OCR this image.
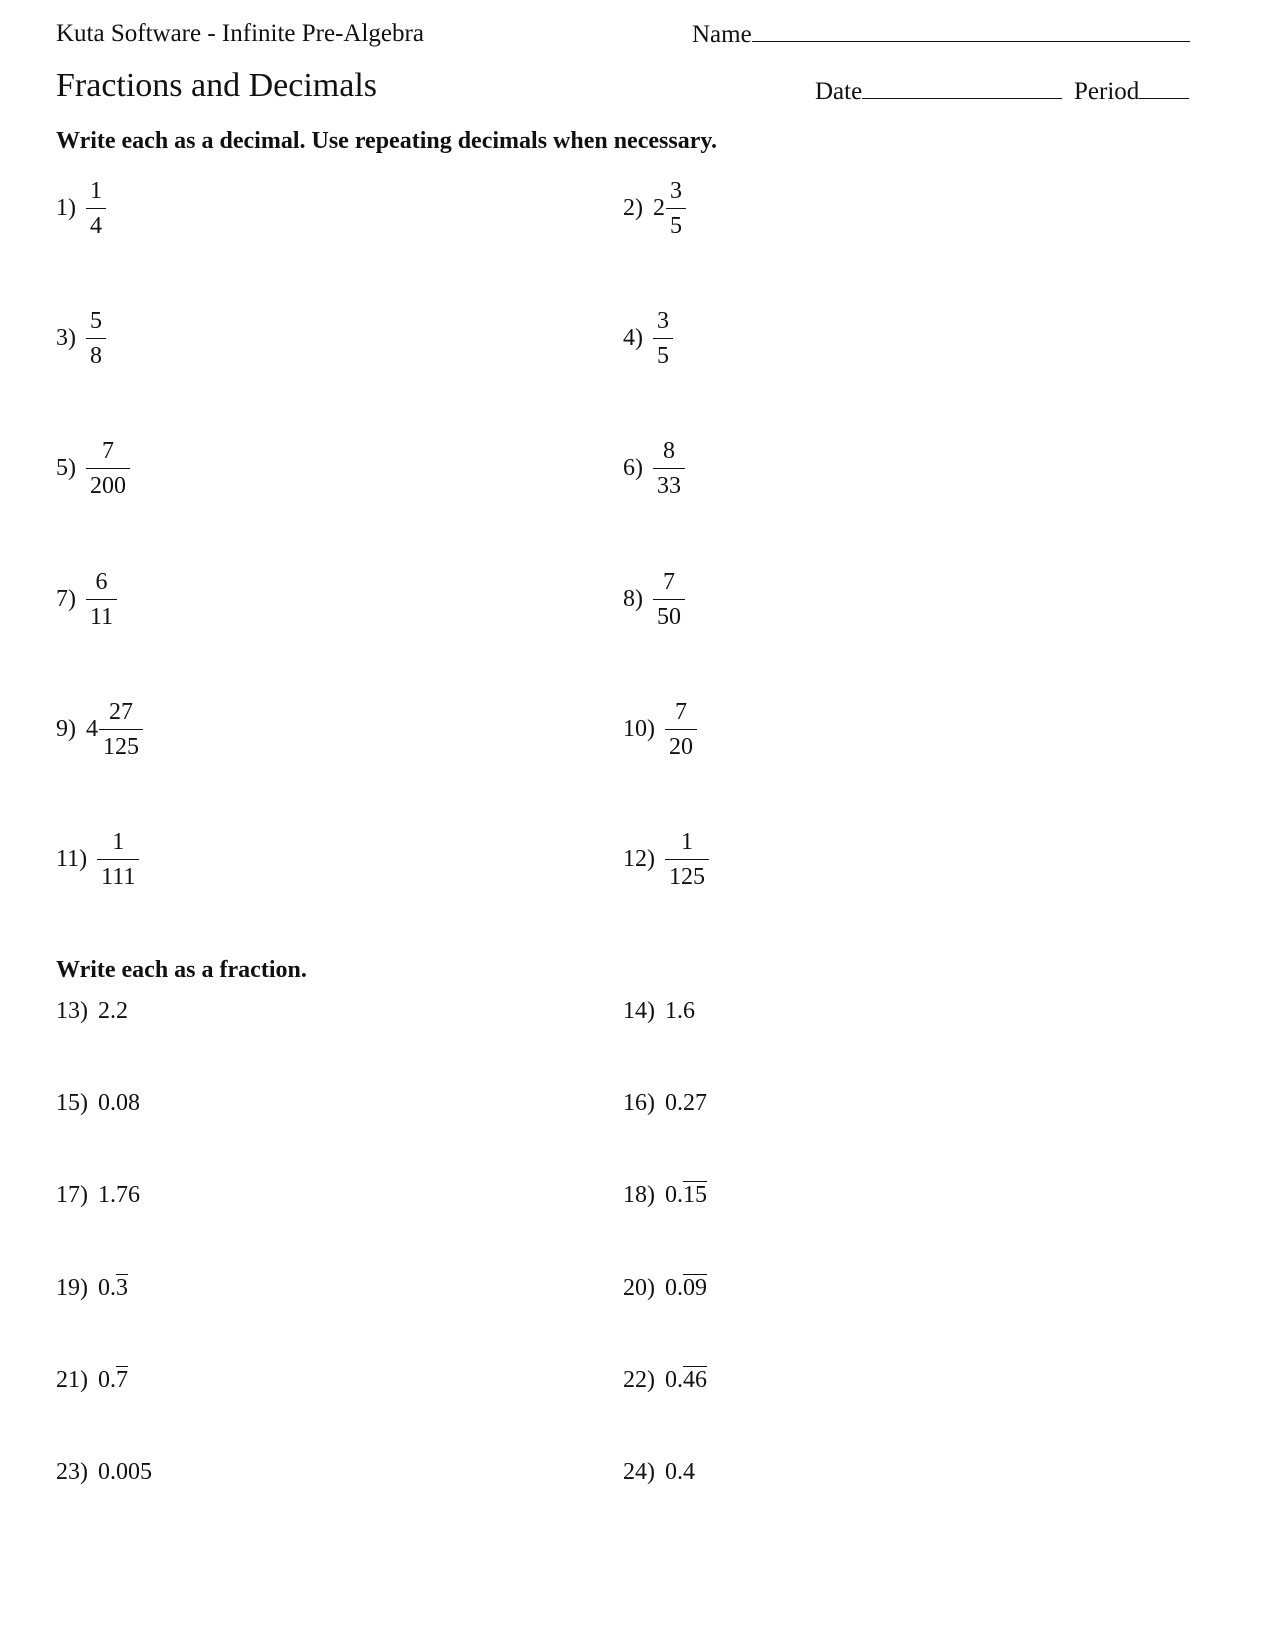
Kuta Software - Infinite Pre-Algebra	Name
Fractions and Decimals	Date	Period
Write each as a decimal. Use repeating decimals when necessary.
$1) \frac{1}{4}$	2) $2 \frac{3}{5}$
$3) \frac{5}{8}$	$4) \frac{3}{5}$
$5) \frac{7}{200}$	$6) \frac{8}{33}$
$7) \frac{6}{11}$	$8) \frac{7}{50}$
9) $4 \frac{27}{125}$	$10) \frac{7}{20}$
$11) \frac{1}{111}$	$12) \frac{1}{125}$
Write each as a fraction.
13) 2.2	14) 1.6
15) 0.08	16) 0.27
17) 1.76	18) 0.15
19) 0.3	20) 0.09
21) 0.7	22) 0.46
23) 0.005	24) 0.4
